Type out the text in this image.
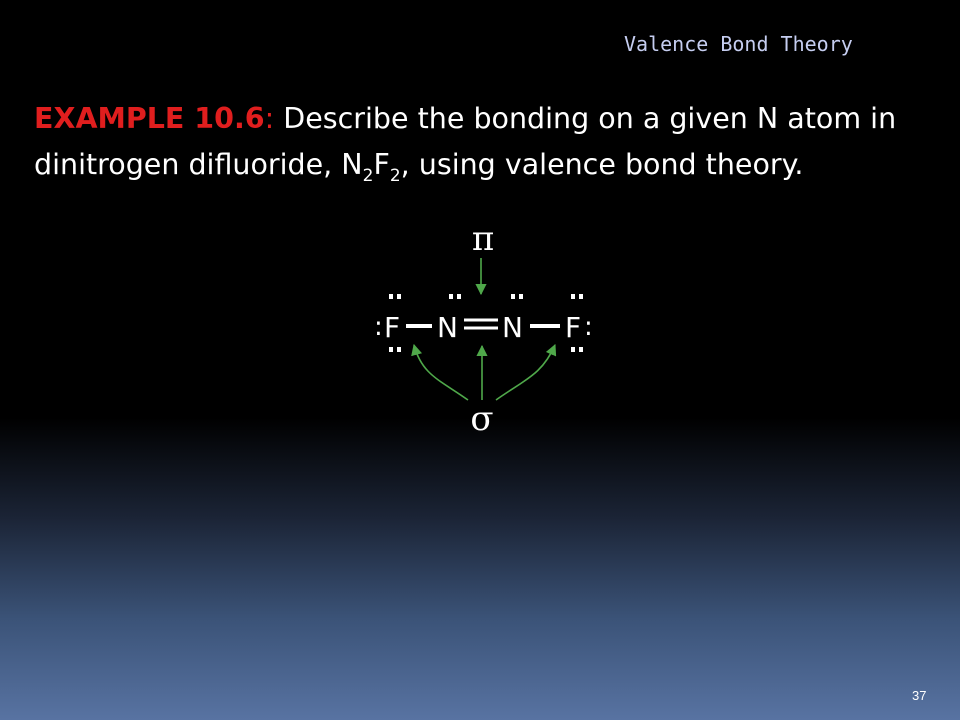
Valence Bond Theory
EXAMPLE 10.6: Describe the bonding on a given N atom in dinitrogen difluoride, $N_2F_2$, using valence bond theory.
π
: F N N F :
σ
37
